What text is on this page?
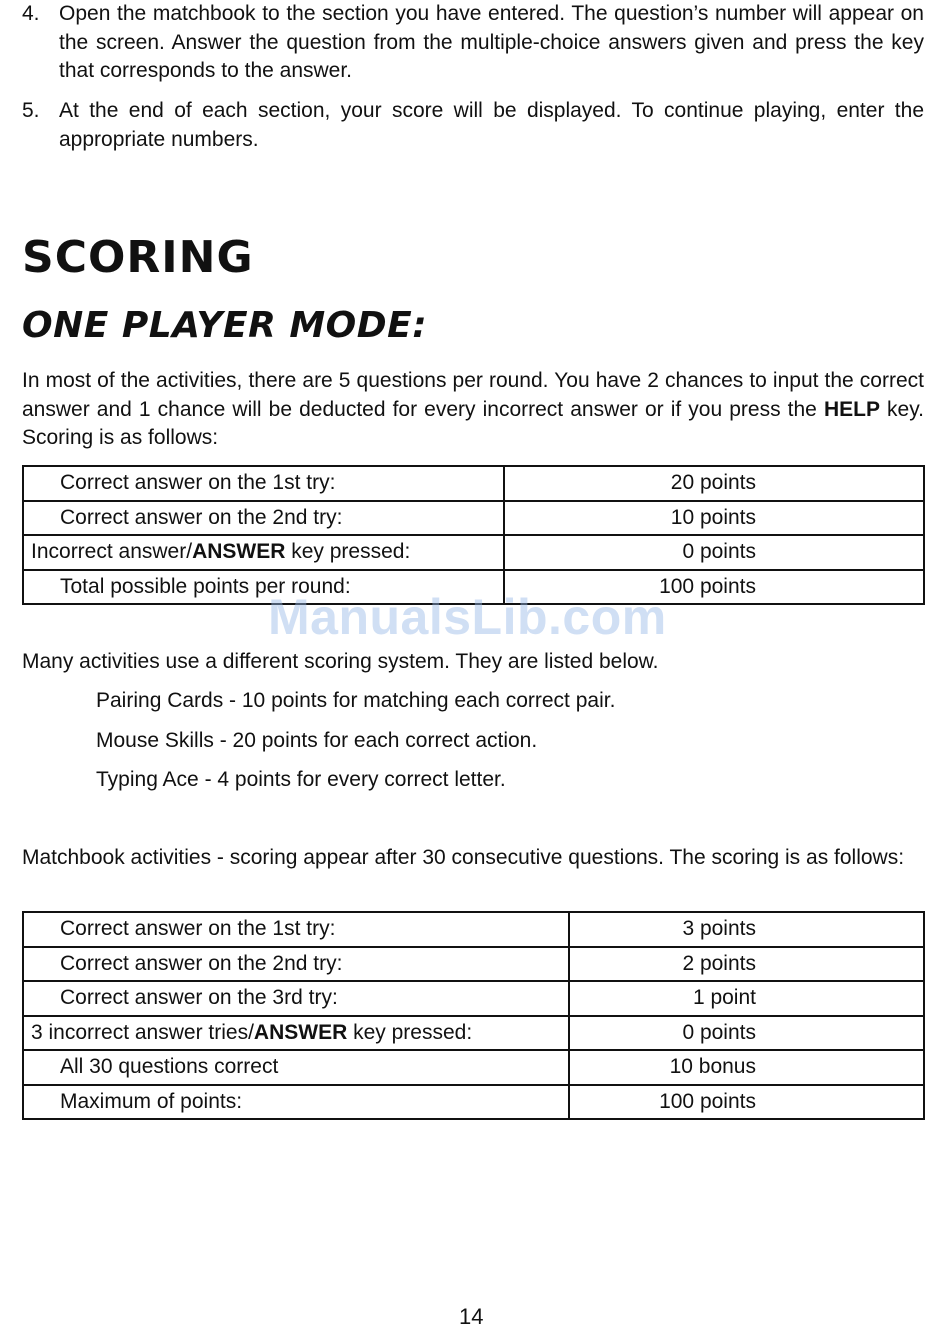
4. Open the matchbook to the section you have entered. The question’s number will appear on the screen. Answer the question from the multiple-choice answers given and press the key that corresponds to the answer.
5. At the end of each section, your score will be displayed. To continue playing, enter the appropriate numbers.
SCORING
ONE PLAYER MODE:

In most of the activities, there are 5 questions per round. You have 2 chances to input the correct answer and 1 chance will be deducted for every incorrect answer or if you press the HELP key. Scoring is as follows:

Correct answer on the 1st try:	20 points
Correct answer on the 2nd try:	10 points
Incorrect answer/ANSWER key pressed:	0 points
Total possible points per round:	100 points
ManualsLib.com

Many activities use a different scoring system. They are listed below.

Pairing Cards - 10 points for matching each correct pair.

Mouse Skills - 20 points for each correct action.

Typing Ace - 4 points for every correct letter.

Matchbook activities - scoring appear after 30 consecutive questions. The scoring is as follows:

Correct answer on the 1st try:	3 points
Correct answer on the 2nd try:	2 points
Correct answer on the 3rd try:	1 point
3 incorrect answer tries/ANSWER key pressed:	0 points
All 30 questions correct	10 bonus
Maximum of points:	100 points
14
